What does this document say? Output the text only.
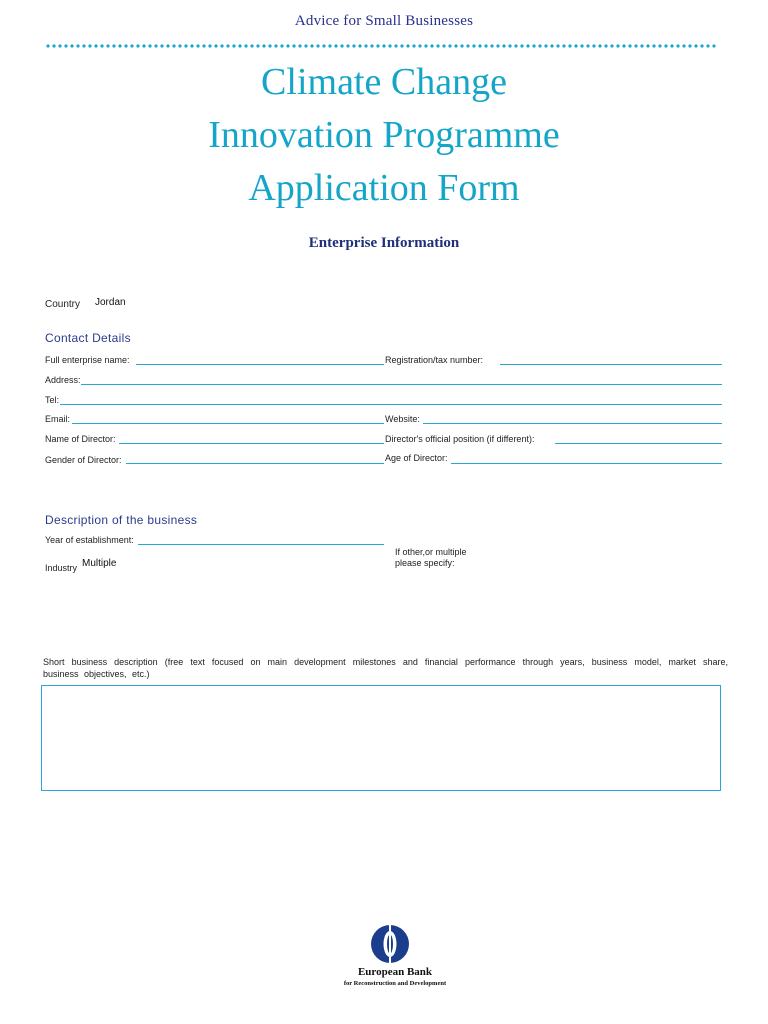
Advice for Small Businesses
Climate Change
Innovation Programme
Application Form
Enterprise Information
Country Jordan
Contact Details
Full enterprise name:	Registration/tax number:
Address:
Tel:
Email:	Website:
Name of Director:	Director's official position (if different):
Gender of Director:	Age of Director:
Description of the business
Year of establishment:
If other,or multiple
please specify:
Industry Multiple
Short business description (free text focused on main development milestones and financial performance through years, business model, market share, business objectives, etc.)
European Bank
for Reconstruction and Development
